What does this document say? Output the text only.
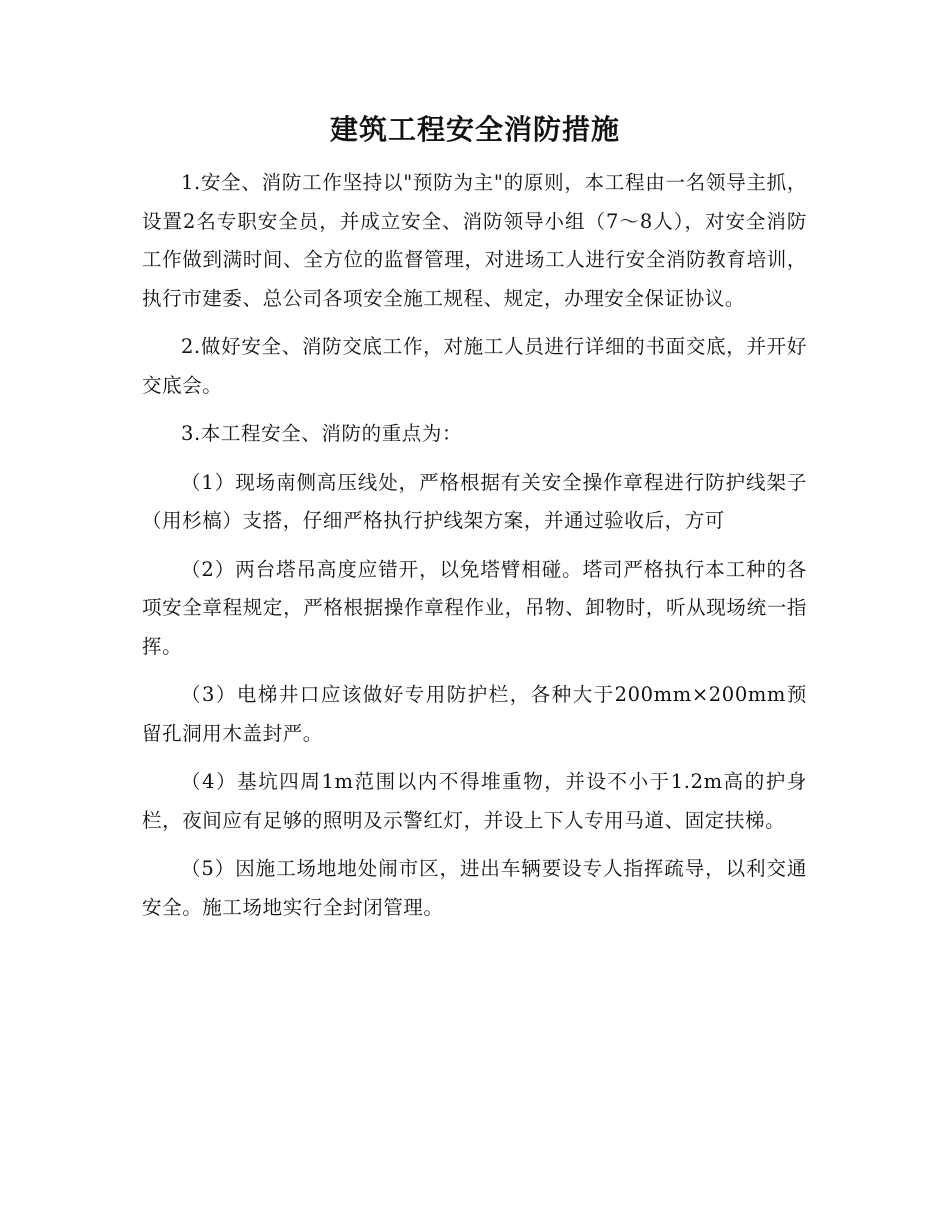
建筑工程安全消防措施

1.安全、消防工作坚持以"预防为主"的原则，本工程由一名领导主抓，设置2名专职安全员，并成立安全、消防领导小组（7～8人），对安全消防工作做到满时间、全方位的监督管理，对进场工人进行安全消防教育培训，执行市建委、总公司各项安全施工规程、规定，办理安全保证协议。

2.做好安全、消防交底工作，对施工人员进行详细的书面交底，并开好交底会。

3.本工程安全、消防的重点为：

（1）现场南侧高压线处，严格根据有关安全操作章程进行防护线架子（用杉槁）支搭，仔细严格执行护线架方案，并通过验收后，方可

（2）两台塔吊高度应错开，以免塔臂相碰。塔司严格执行本工种的各项安全章程规定，严格根据操作章程作业，吊物、卸物时，听从现场统一指挥。

（3）电梯井口应该做好专用防护栏，各种大于200mm×200mm预留孔洞用木盖封严。

（4）基坑四周1m范围以内不得堆重物，并设不小于1.2m高的护身栏，夜间应有足够的照明及示警红灯，并设上下人专用马道、固定扶梯。

（5）因施工场地地处闹市区，进出车辆要设专人指挥疏导，以利交通安全。施工场地实行全封闭管理。
